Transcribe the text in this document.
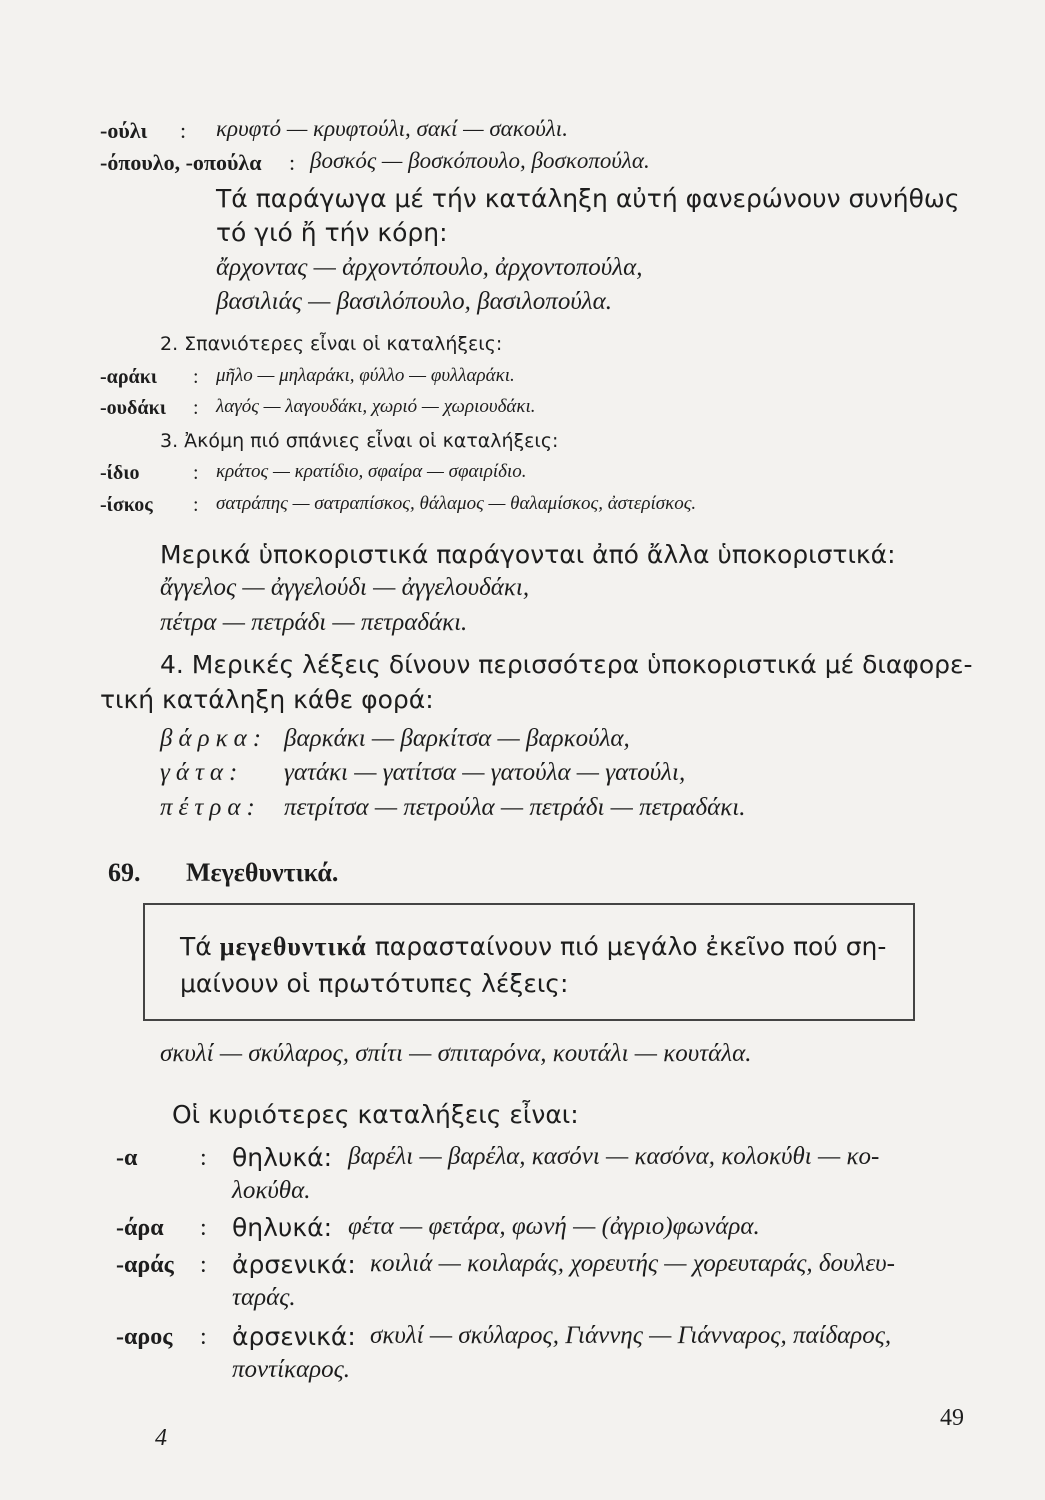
-ούλι : κρυφτό — κρυφτούλι, σακί — σακούλι.
-όπουλο, -οπούλα : βοσκός — βοσκόπουλο, βοσκοπούλα.
Τά παράγωγα μέ τήν κατάληξη αὐτή φανερώνουν συνήθως
τό γιό ἤ τήν κόρη:
ἄρχοντας — ἀρχοντόπουλο, ἀρχοντοπούλα,
βασιλιάς — βασιλόπουλο, βασιλοπούλα.
2. Σπανιότερες εἶναι οἱ καταλήξεις:
-αράκι : μῆλο — μηλαράκι, φύλλο — φυλλαράκι.
-ουδάκι : λαγός — λαγουδάκι, χωριό — χωριουδάκι.
3. Ἀκόμη πιό σπάνιες εἶναι οἱ καταλήξεις:
-ίδιο	: κράτος — κρατίδιο, σφαίρα — σφαιρίδιο.
-ίσκος : σατράπης — σατραπίσκος, θάλαμος — θαλαμίσκος, ἀστερίσκος.
Μερικά ὑποκοριστικά παράγονται ἀπό ἄλλα ὑποκοριστικά:
ἄγγελος — ἀγγελούδι — ἀγγελουδάκι,
πέτρα — πετράδι — πετραδάκι.
4. Μερικές λέξεις δίνουν περισσότερα ὑποκοριστικά μέ διαφορε-
τική κατάληξη κάθε φορά:
βάρκα: βαρκάκι — βαρκίτσα — βαρκούλα,
γάτα: γατάκι — γατίτσα — γατούλα — γατούλι,
πέτρα: πετρίτσα — πετρούλα — πετράδι — πετραδάκι.
69. Μεγεθυντικά.
Τά μεγεθυντικά παρασταίνουν πιό μεγάλο ἐκεῖνο πού ση-
μαίνουν οἱ πρωτότυπες λέξεις:
σκυλί — σκύλαρος, σπίτι — σπιταρόνα, κουτάλι — κουτάλα.
Οἱ κυριότερες καταλήξεις εἶναι:
-α	: θηλυκά: βαρέλι — βαρέλα, κασόνι — κασόνα, κολοκύθι — κο-
λοκύθα.
-άρα : θηλυκά: φέτα — φετάρα, φωνή — (ἀγριο)φωνάρα.
-αράς : ἀρσενικά: κοιλιά — κοιλαράς, χορευτής — χορευταράς, δουλευ-
ταράς.
-αρος : ἀρσενικά: σκυλί — σκύλαρος, Γιάννης — Γιάνναρος, παίδαρος,
ποντίκαρος.
4
49
